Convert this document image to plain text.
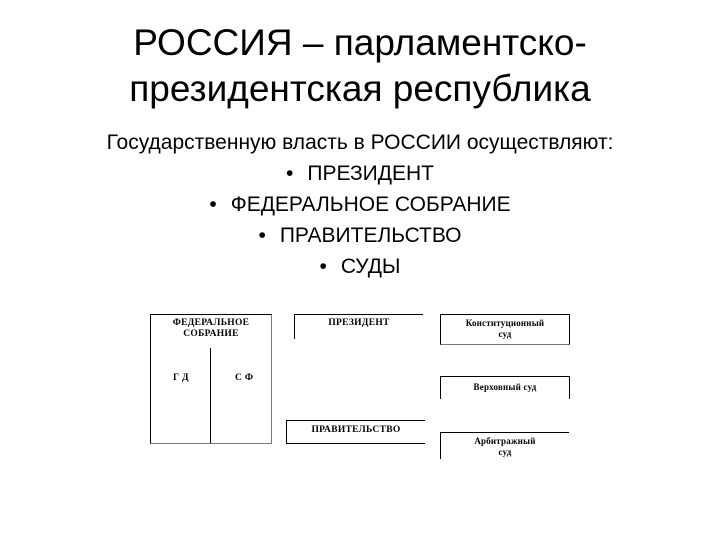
РОССИЯ – парламентско-
президентская республика
Государственную власть в РОССИИ осуществляют:
• ПРЕЗИДЕНТ
• ФЕДЕРАЛЬНОЕ СОБРАНИЕ
• ПРАВИТЕЛЬСТВО
• СУДЫ
ФЕДЕРАЛЬНОЕ
СОБРАНИЕ
Г Д	С Ф
ПРЕЗИДЕНТ
ПРАВИТЕЛЬСТВО
Конституционный
суд
Верховный суд
Арбитражный
суд
